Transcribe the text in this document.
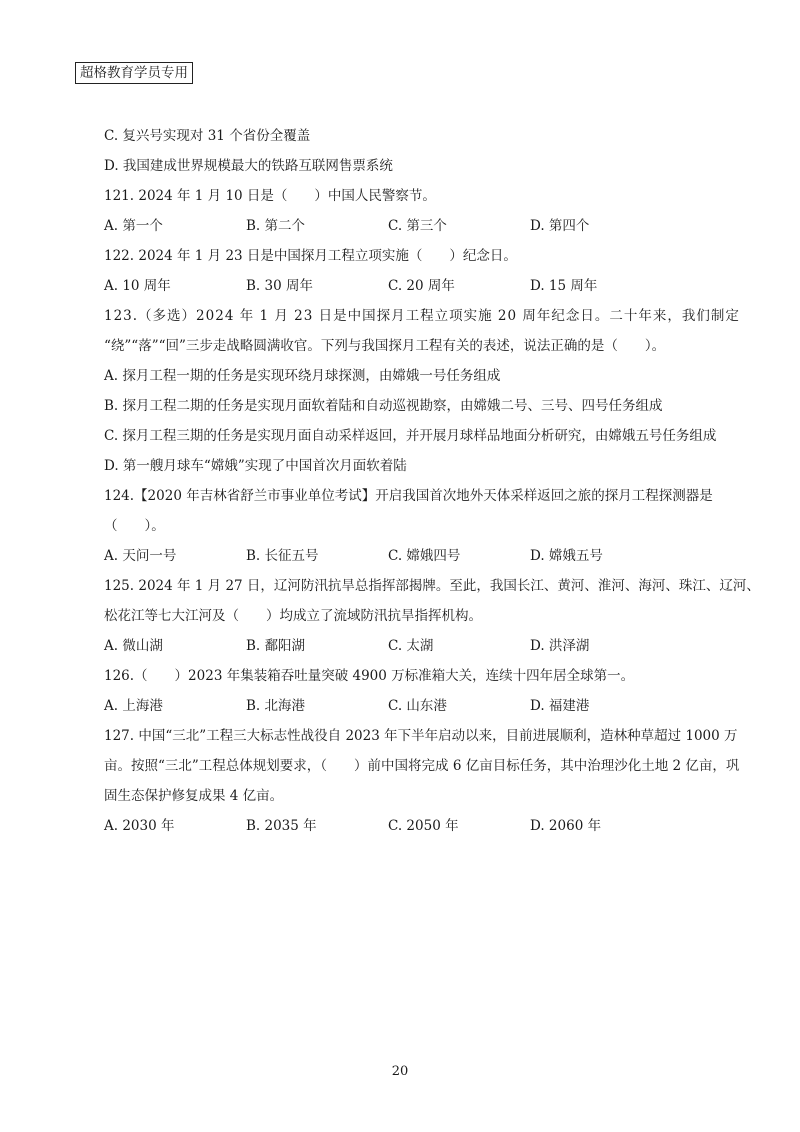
超格教育学员专用
C. 复兴号实现对 31 个省份全覆盖
D. 我国建成世界规模最大的铁路互联网售票系统
121. 2024 年 1 月 10 日是（　　）中国人民警察节。
A. 第一个	B. 第二个	C. 第三个	D. 第四个
122. 2024 年 1 月 23 日是中国探月工程立项实施（　　）纪念日。
A. 10 周年	B. 30 周年	C. 20 周年	D. 15 周年
123.（多选）2024 年 1 月 23 日是中国探月工程立项实施 20 周年纪念日。二十年来，我们制定
“绕”“落”“回”三步走战略圆满收官。下列与我国探月工程有关的表述，说法正确的是（　　）。
A. 探月工程一期的任务是实现环绕月球探测，由嫦娥一号任务组成
B. 探月工程二期的任务是实现月面软着陆和自动巡视勘察，由嫦娥二号、三号、四号任务组成
C. 探月工程三期的任务是实现月面自动采样返回，并开展月球样品地面分析研究，由嫦娥五号任务组成
D. 第一艘月球车“嫦娥”实现了中国首次月面软着陆
124.【2020 年吉林省舒兰市事业单位考试】开启我国首次地外天体采样返回之旅的探月工程探测器是
（　　）。
A. 天问一号	B. 长征五号	C. 嫦娥四号	D. 嫦娥五号
125. 2024 年 1 月 27 日，辽河防汛抗旱总指挥部揭牌。至此，我国长江、黄河、淮河、海河、珠江、辽河、
松花江等七大江河及（　　）均成立了流域防汛抗旱指挥机构。
A. 微山湖	B. 鄱阳湖	C. 太湖	D. 洪泽湖
126.（　　）2023 年集装箱吞吐量突破 4900 万标准箱大关，连续十四年居全球第一。
A. 上海港	B. 北海港	C. 山东港	D. 福建港
127. 中国“三北”工程三大标志性战役自 2023 年下半年启动以来，目前进展顺利，造林种草超过 1000 万
亩。按照“三北”工程总体规划要求，（　　）前中国将完成 6 亿亩目标任务，其中治理沙化土地 2 亿亩，巩
固生态保护修复成果 4 亿亩。
A. 2030 年	B. 2035 年	C. 2050 年	D. 2060 年
20
